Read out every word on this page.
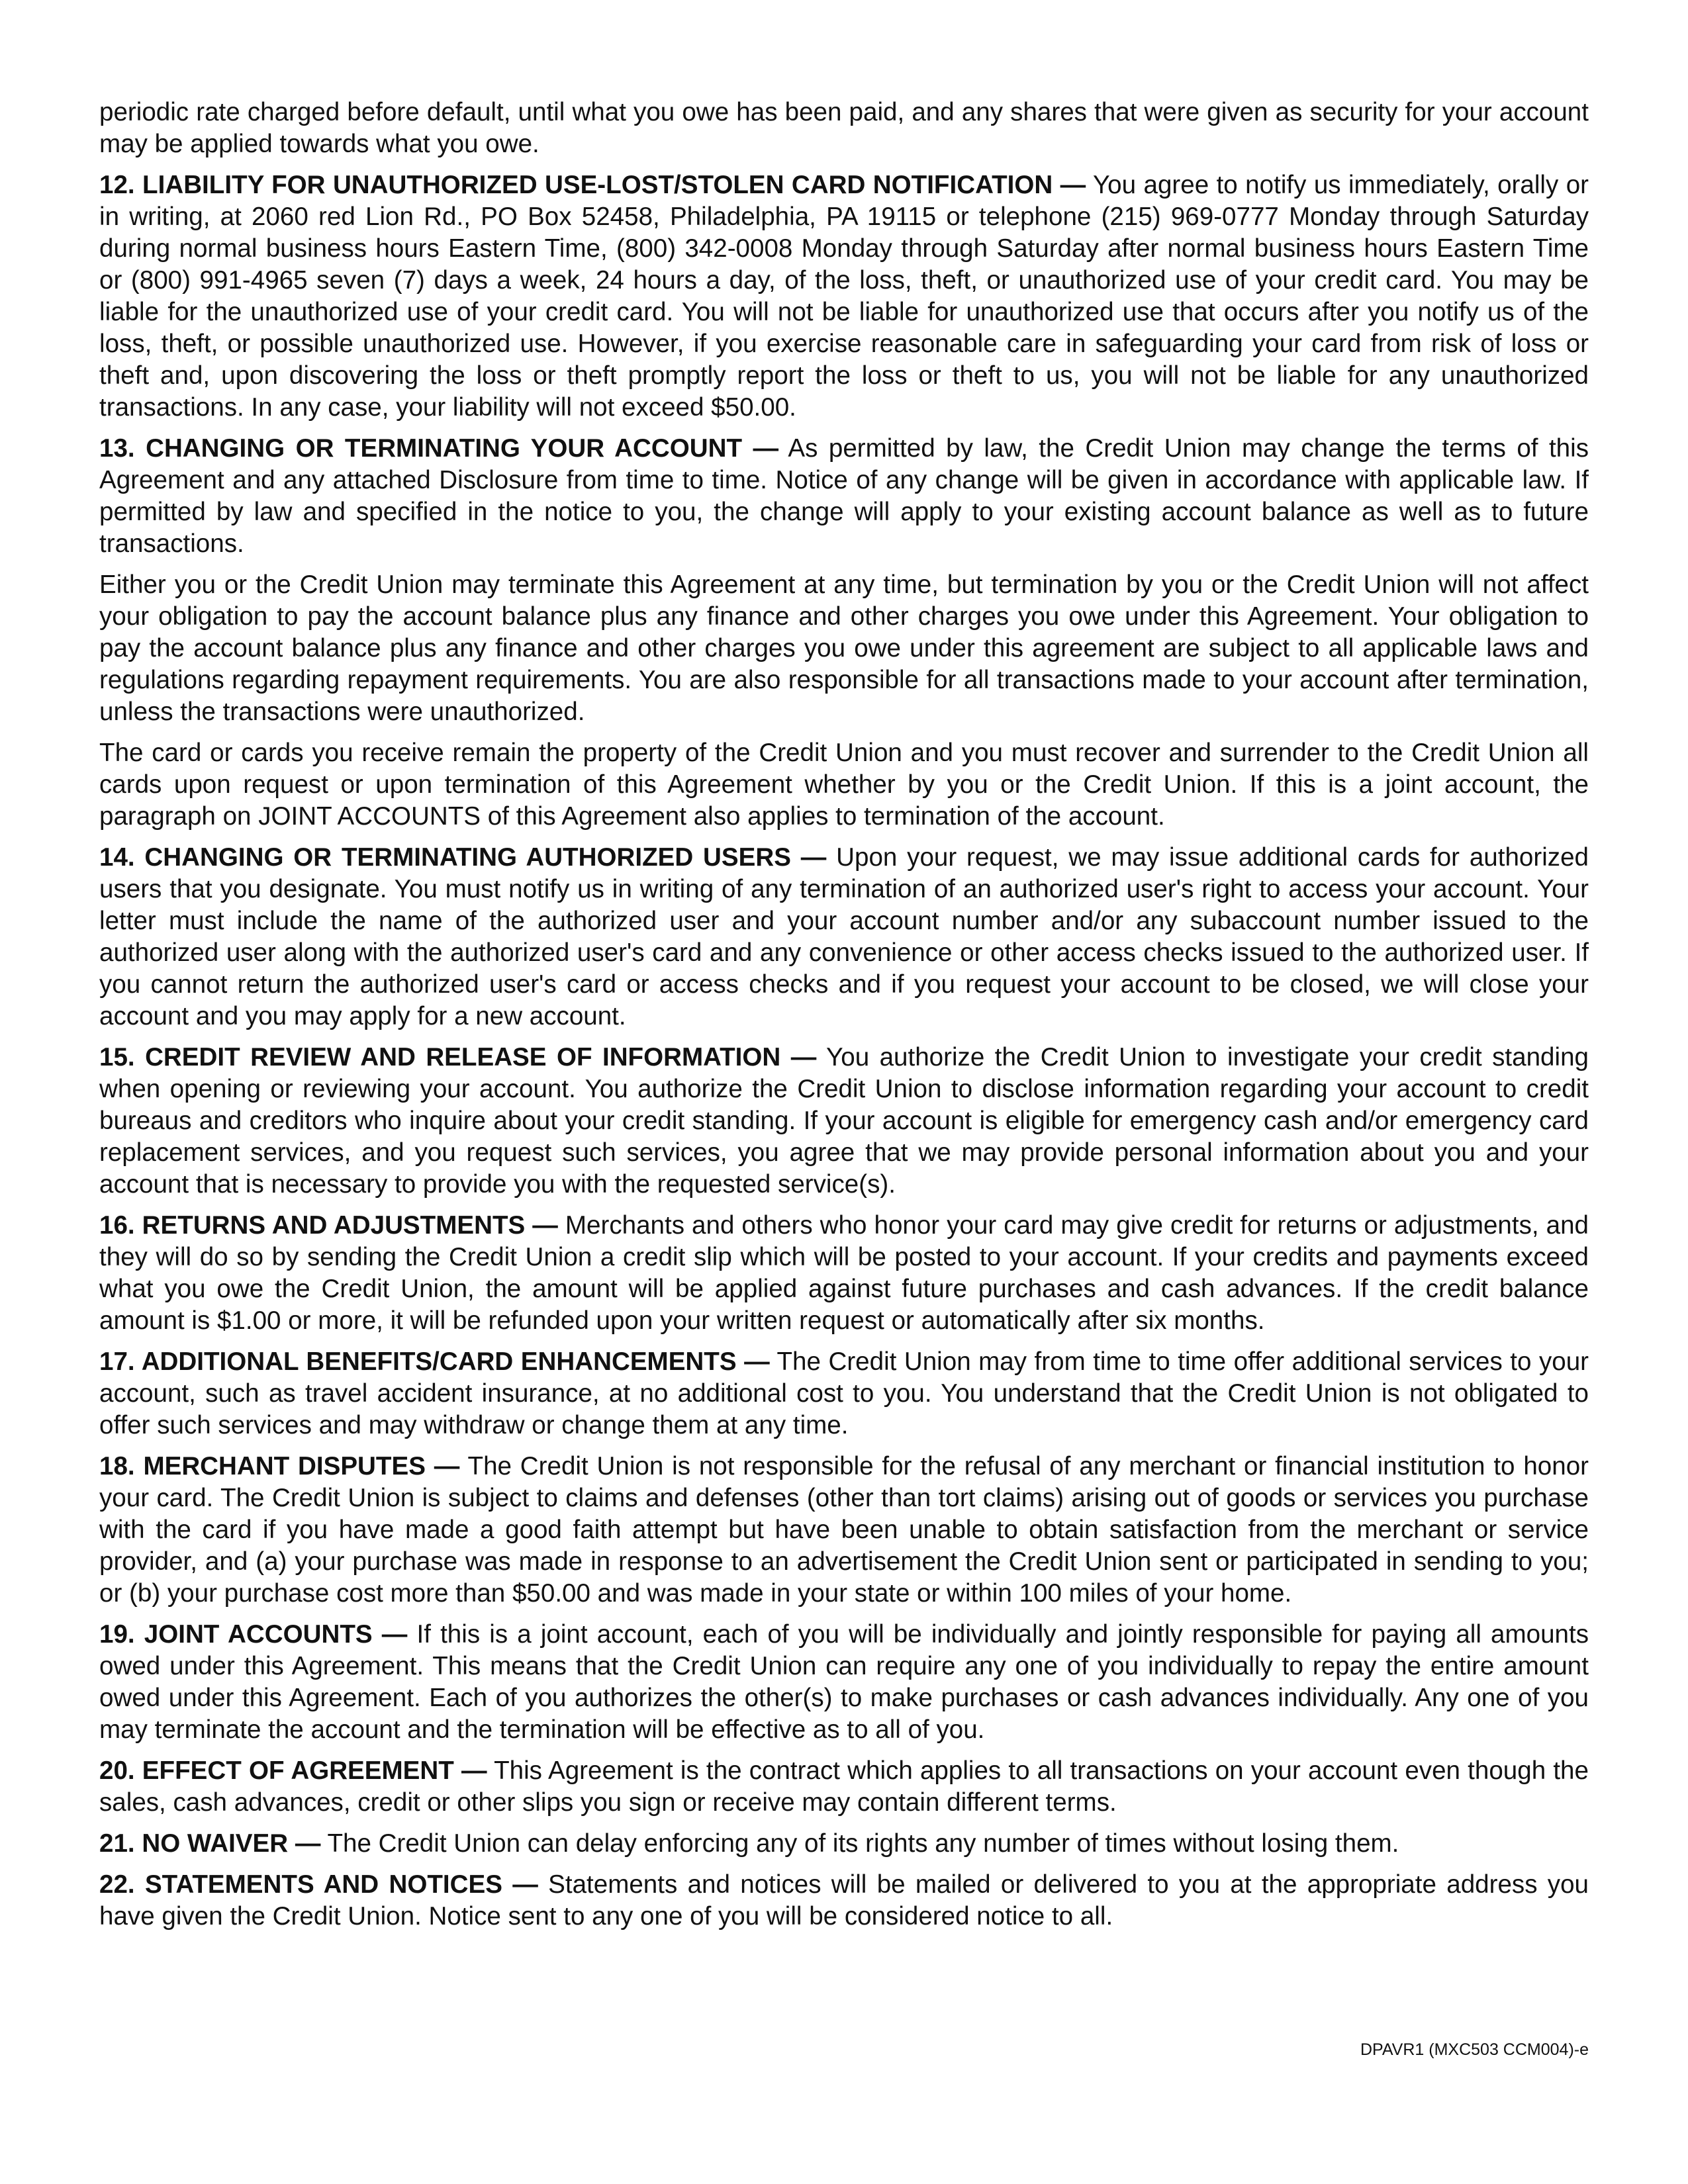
periodic rate charged before default, until what you owe has been paid, and any shares that were given as security for your account may be applied towards what you owe.

12. LIABILITY FOR UNAUTHORIZED USE-LOST/STOLEN CARD NOTIFICATION — You agree to notify us immediately, orally or in writing, at 2060 red Lion Rd., PO Box 52458, Philadelphia, PA 19115 or telephone (215) 969-0777 Monday through Saturday during normal business hours Eastern Time, (800) 342-0008 Monday through Saturday after normal business hours Eastern Time or (800) 991-4965 seven (7) days a week, 24 hours a day, of the loss, theft, or unauthorized use of your credit card. You may be liable for the unauthorized use of your credit card. You will not be liable for unauthorized use that occurs after you notify us of the loss, theft, or possible unauthorized use. However, if you exercise reasonable care in safeguarding your card from risk of loss or theft and, upon discovering the loss or theft promptly report the loss or theft to us, you will not be liable for any unauthorized transactions. In any case, your liability will not exceed $50.00.

13. CHANGING OR TERMINATING YOUR ACCOUNT — As permitted by law, the Credit Union may change the terms of this Agreement and any attached Disclosure from time to time. Notice of any change will be given in accordance with applicable law. If permitted by law and specified in the notice to you, the change will apply to your existing account balance as well as to future transactions.

Either you or the Credit Union may terminate this Agreement at any time, but termination by you or the Credit Union will not affect your obligation to pay the account balance plus any finance and other charges you owe under this Agreement. Your obligation to pay the account balance plus any finance and other charges you owe under this agreement are subject to all applicable laws and regulations regarding repayment requirements. You are also responsible for all transactions made to your account after termination, unless the transactions were unauthorized.

The card or cards you receive remain the property of the Credit Union and you must recover and surrender to the Credit Union all cards upon request or upon termination of this Agreement whether by you or the Credit Union. If this is a joint account, the paragraph on JOINT ACCOUNTS of this Agreement also applies to termination of the account.

14. CHANGING OR TERMINATING AUTHORIZED USERS — Upon your request, we may issue additional cards for authorized users that you designate. You must notify us in writing of any termination of an authorized user's right to access your account. Your letter must include the name of the authorized user and your account number and/or any subaccount number issued to the authorized user along with the authorized user's card and any convenience or other access checks issued to the authorized user. If you cannot return the authorized user's card or access checks and if you request your account to be closed, we will close your account and you may apply for a new account.

15. CREDIT REVIEW AND RELEASE OF INFORMATION — You authorize the Credit Union to investigate your credit standing when opening or reviewing your account. You authorize the Credit Union to disclose information regarding your account to credit bureaus and creditors who inquire about your credit standing. If your account is eligible for emergency cash and/or emergency card replacement services, and you request such services, you agree that we may provide personal information about you and your account that is necessary to provide you with the requested service(s).

16. RETURNS AND ADJUSTMENTS — Merchants and others who honor your card may give credit for returns or adjustments, and they will do so by sending the Credit Union a credit slip which will be posted to your account. If your credits and payments exceed what you owe the Credit Union, the amount will be applied against future purchases and cash advances. If the credit balance amount is $1.00 or more, it will be refunded upon your written request or automatically after six months.

17. ADDITIONAL BENEFITS/CARD ENHANCEMENTS — The Credit Union may from time to time offer additional services to your account, such as travel accident insurance, at no additional cost to you. You understand that the Credit Union is not obligated to offer such services and may withdraw or change them at any time.

18. MERCHANT DISPUTES — The Credit Union is not responsible for the refusal of any merchant or financial institution to honor your card. The Credit Union is subject to claims and defenses (other than tort claims) arising out of goods or services you purchase with the card if you have made a good faith attempt but have been unable to obtain satisfaction from the merchant or service provider, and (a) your purchase was made in response to an advertisement the Credit Union sent or participated in sending to you; or (b) your purchase cost more than $50.00 and was made in your state or within 100 miles of your home.

19. JOINT ACCOUNTS — If this is a joint account, each of you will be individually and jointly responsible for paying all amounts owed under this Agreement. This means that the Credit Union can require any one of you individually to repay the entire amount owed under this Agreement. Each of you authorizes the other(s) to make purchases or cash advances individually. Any one of you may terminate the account and the termination will be effective as to all of you.

20. EFFECT OF AGREEMENT — This Agreement is the contract which applies to all transactions on your account even though the sales, cash advances, credit or other slips you sign or receive may contain different terms.

21. NO WAIVER — The Credit Union can delay enforcing any of its rights any number of times without losing them.

22. STATEMENTS AND NOTICES — Statements and notices will be mailed or delivered to you at the appropriate address you have given the Credit Union. Notice sent to any one of you will be considered notice to all.

DPAVR1 (MXC503 CCM004)-e
